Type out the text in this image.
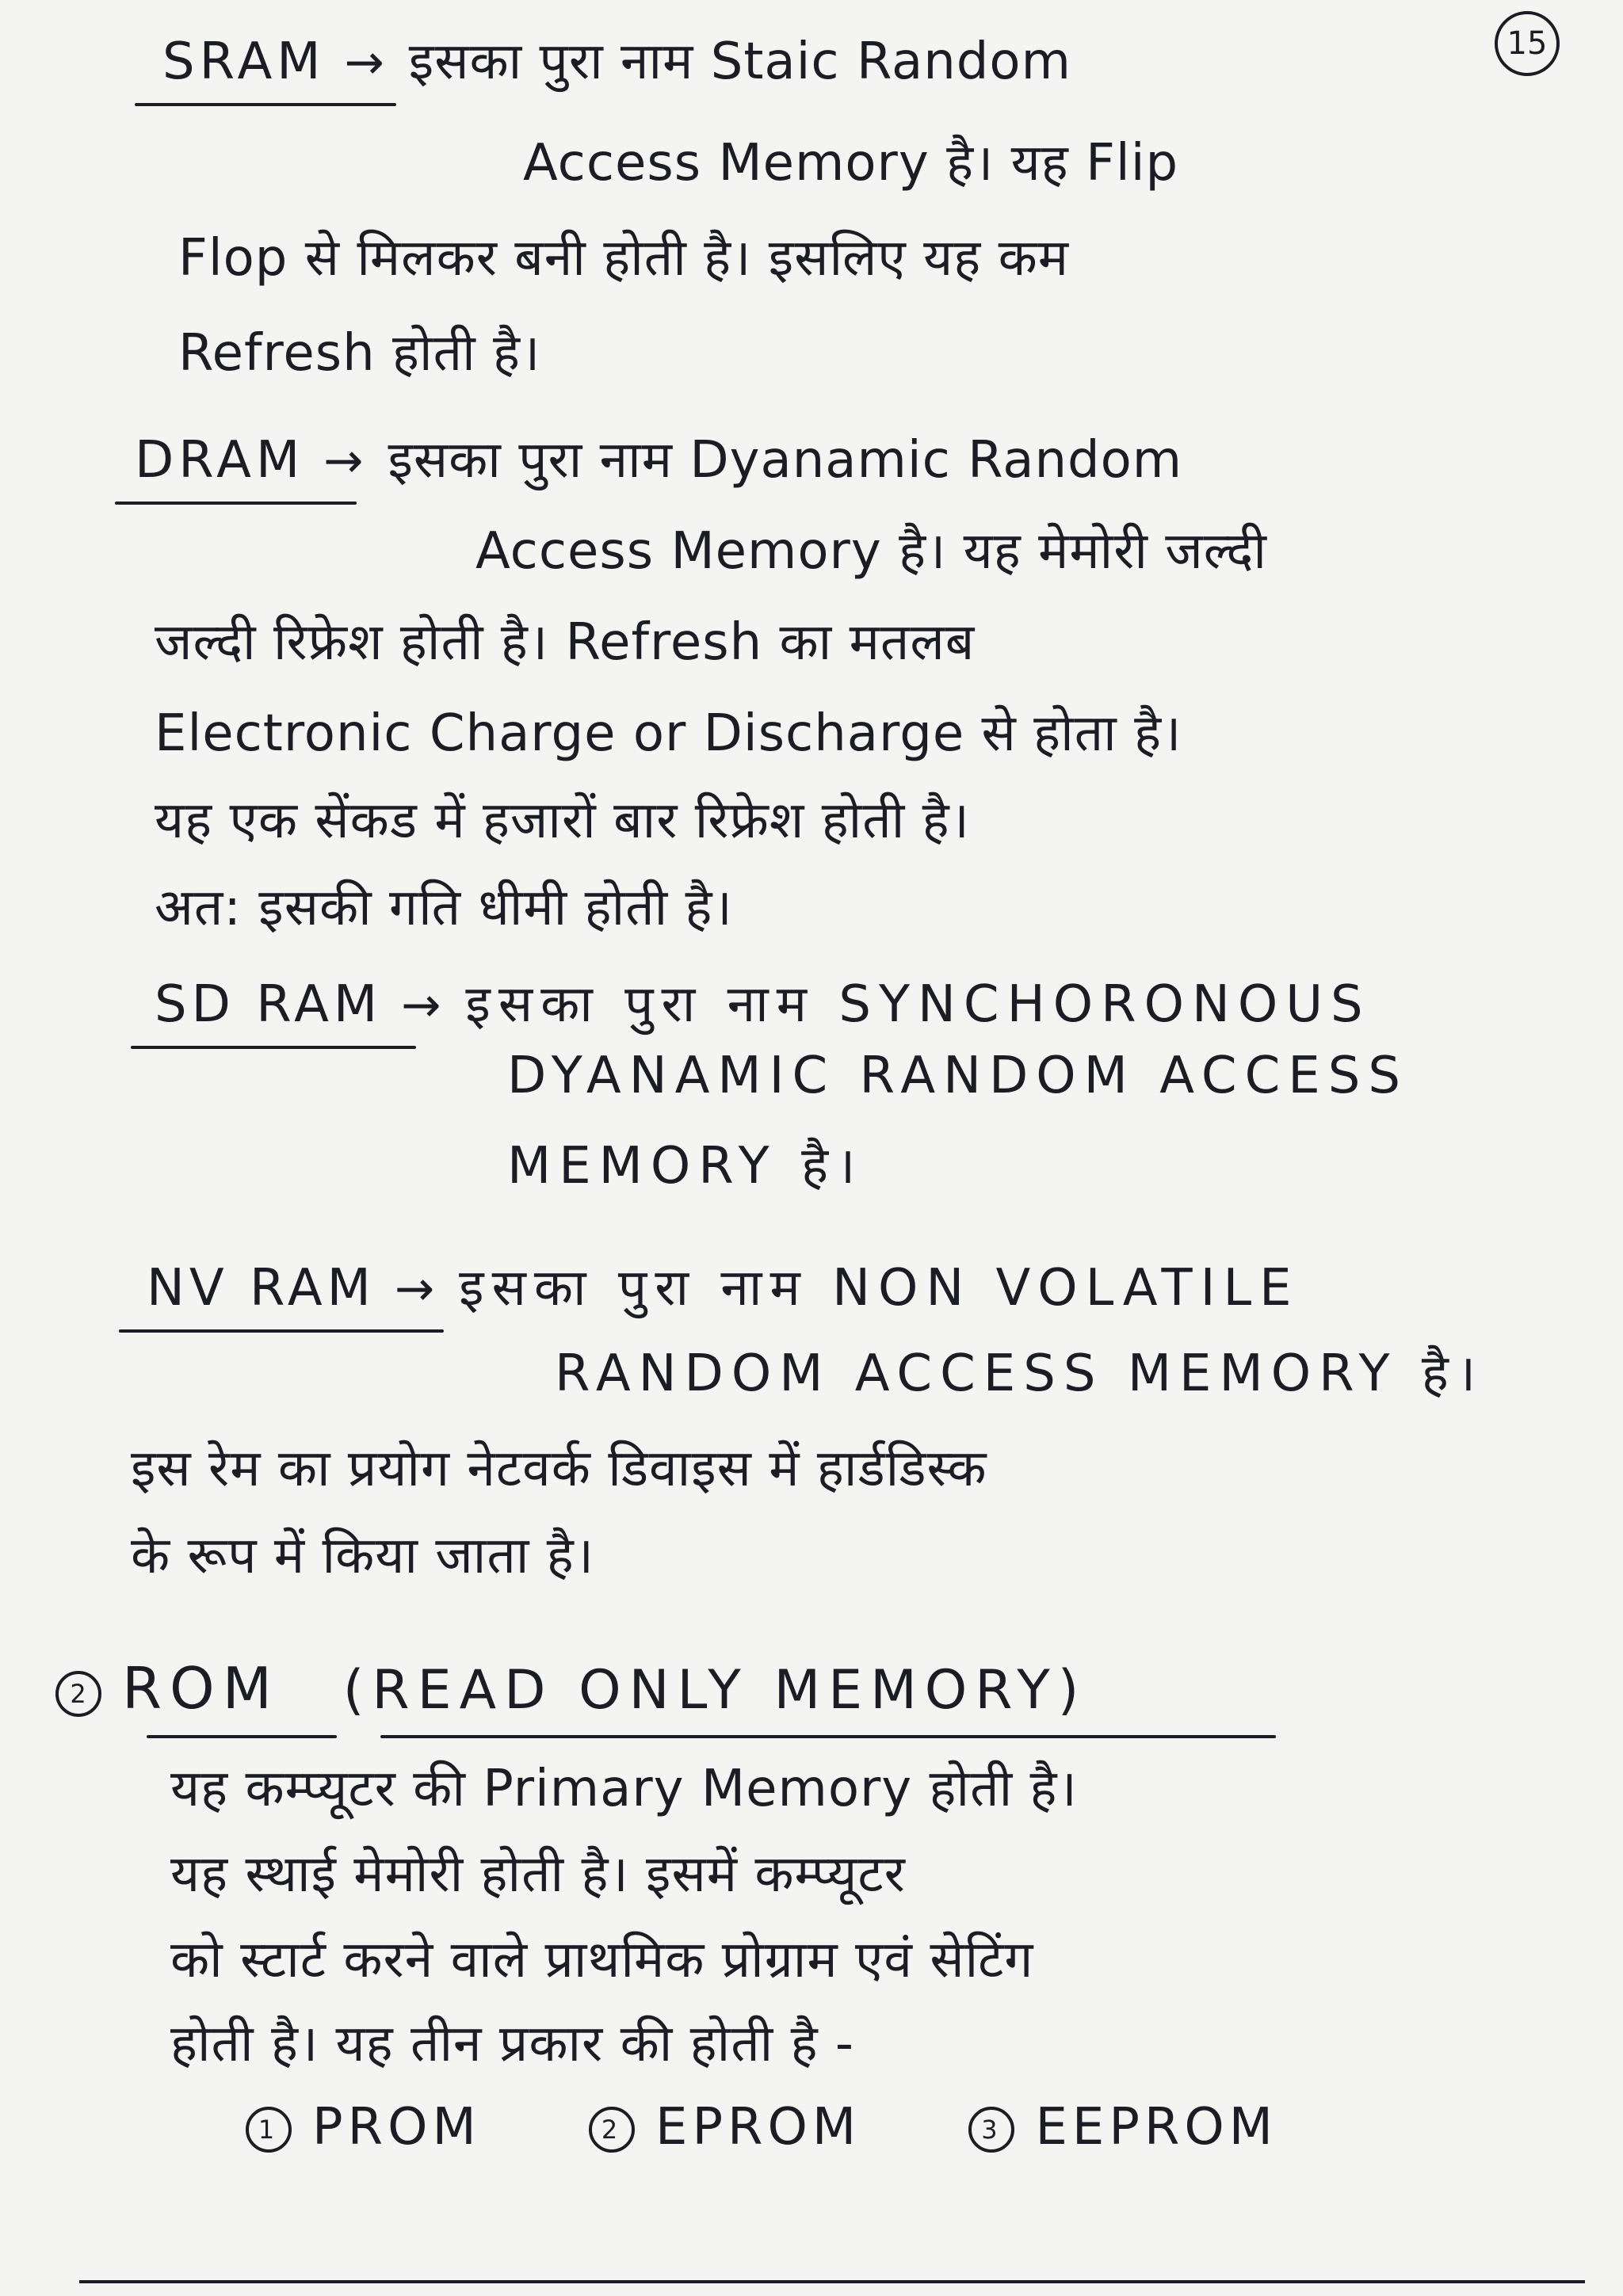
15
SRAM → इसका पुरा नाम Staic Random
Access Memory है। यह Flip
Flop से मिलकर बनी होती है। इसलिए यह कम
Refresh होती है।
DRAM → इसका पुरा नाम Dyanamic Random
Access Memory है। यह मेमोरी जल्दी
जल्दी रिफ्रेश होती है। Refresh का मतलब
Electronic Charge or Discharge से होता है।
यह एक सेंकड में हजारों बार रिफ्रेश होती है।
अत: इसकी गति धीमी होती है।
SD RAM → इसका पुरा नाम SYNCHORONOUS
DYANAMIC RANDOM ACCESS
MEMORY है।
NV RAM → इसका पुरा नाम NON VOLATILE
RANDOM ACCESS MEMORY है।
इस रेम का प्रयोग नेटवर्क डिवाइस में हार्डडिस्क
के रूप में किया जाता है।
2 ROM (READ ONLY MEMORY)
यह कम्प्यूटर की Primary Memory होती है।
यह स्थाई मेमोरी होती है। इसमें कम्प्यूटर
को स्टार्ट करने वाले प्राथमिक प्रोग्राम एवं सेटिंग
होती है। यह तीन प्रकार की होती है -
1 PROM	2 EPROM	3 EEPROM
